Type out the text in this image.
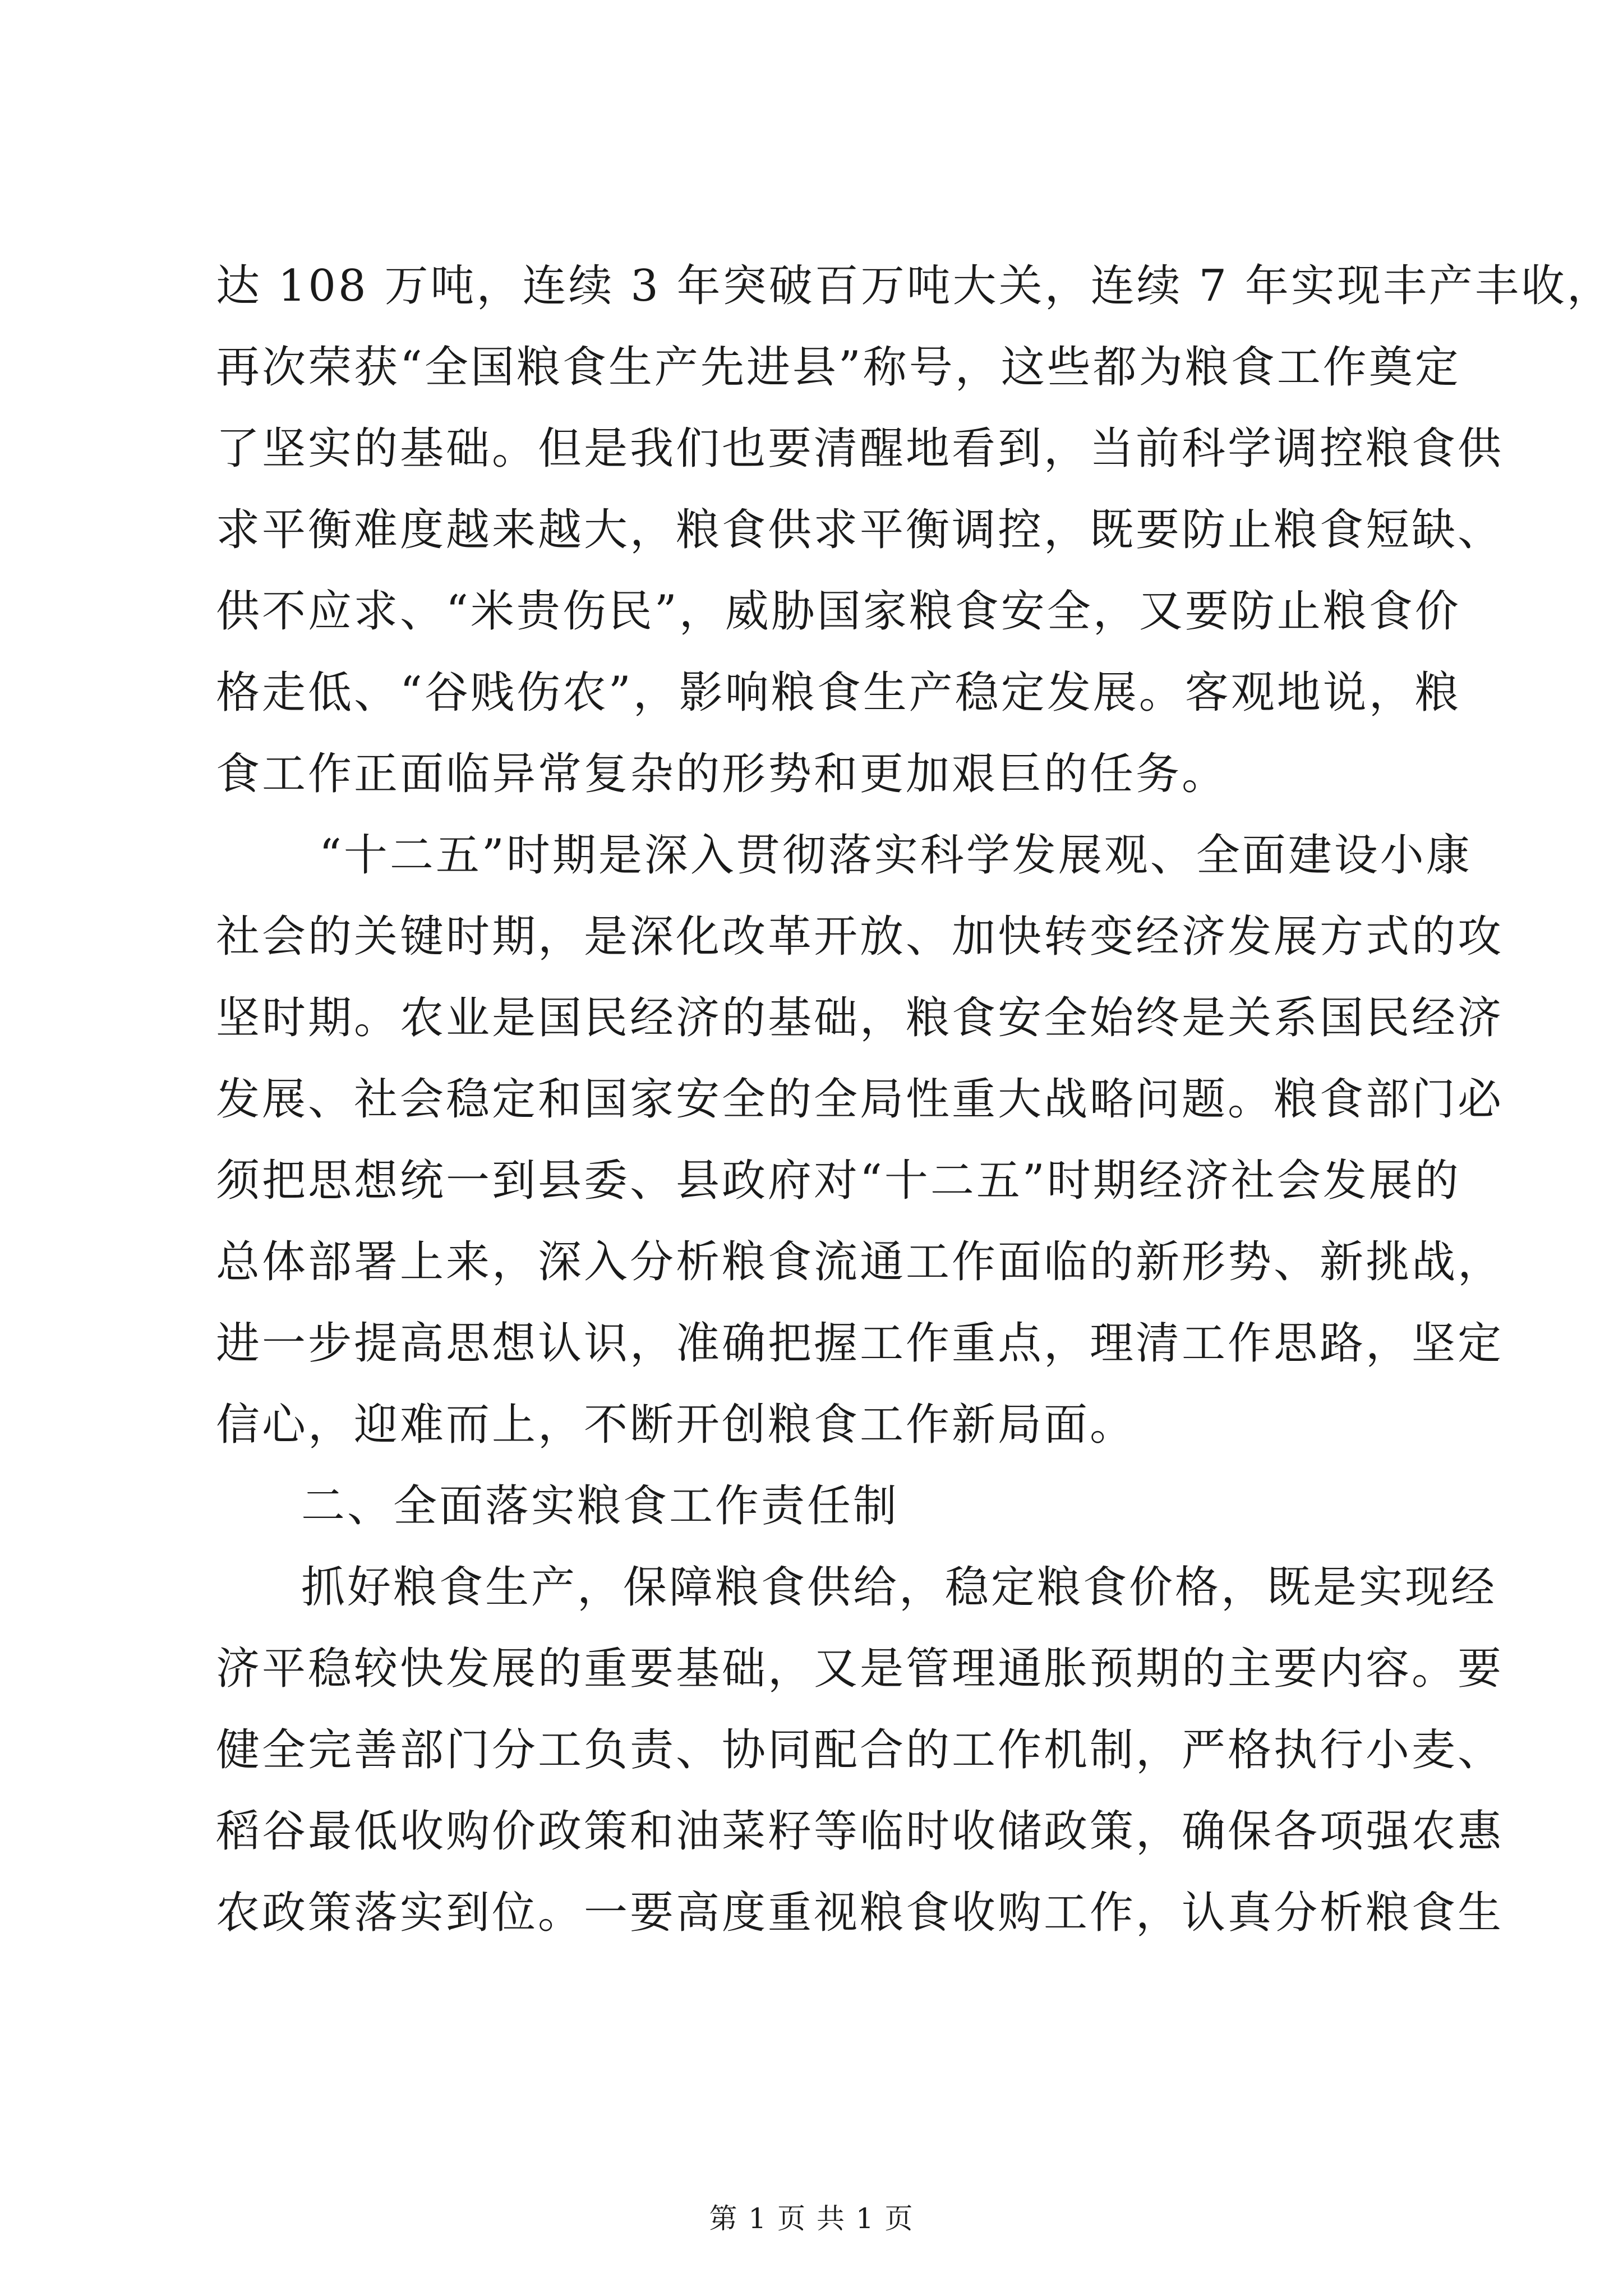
达 108 万吨，连续 3 年突破百万吨大关，连续 7 年实现丰产丰收，
再次荣获“全国粮食生产先进县”称号，这些都为粮食工作奠定
了坚实的基础。但是我们也要清醒地看到，当前科学调控粮食供
求平衡难度越来越大，粮食供求平衡调控，既要防止粮食短缺、
供不应求、“米贵伤民”，威胁国家粮食安全，又要防止粮食价
格走低、“谷贱伤农”，影响粮食生产稳定发展。客观地说，粮
食工作正面临异常复杂的形势和更加艰巨的任务。
“十二五”时期是深入贯彻落实科学发展观、全面建设小康
社会的关键时期，是深化改革开放、加快转变经济发展方式的攻
坚时期。农业是国民经济的基础，粮食安全始终是关系国民经济
发展、社会稳定和国家安全的全局性重大战略问题。粮食部门必
须把思想统一到县委、县政府对“十二五”时期经济社会发展的
总体部署上来，深入分析粮食流通工作面临的新形势、新挑战，
进一步提高思想认识，准确把握工作重点，理清工作思路，坚定
信心，迎难而上，不断开创粮食工作新局面。
二、全面落实粮食工作责任制
抓好粮食生产，保障粮食供给，稳定粮食价格，既是实现经
济平稳较快发展的重要基础，又是管理通胀预期的主要内容。要
健全完善部门分工负责、协同配合的工作机制，严格执行小麦、
稻谷最低收购价政策和油菜籽等临时收储政策，确保各项强农惠
农政策落实到位。一要高度重视粮食收购工作，认真分析粮食生
第 1 页 共 1 页
